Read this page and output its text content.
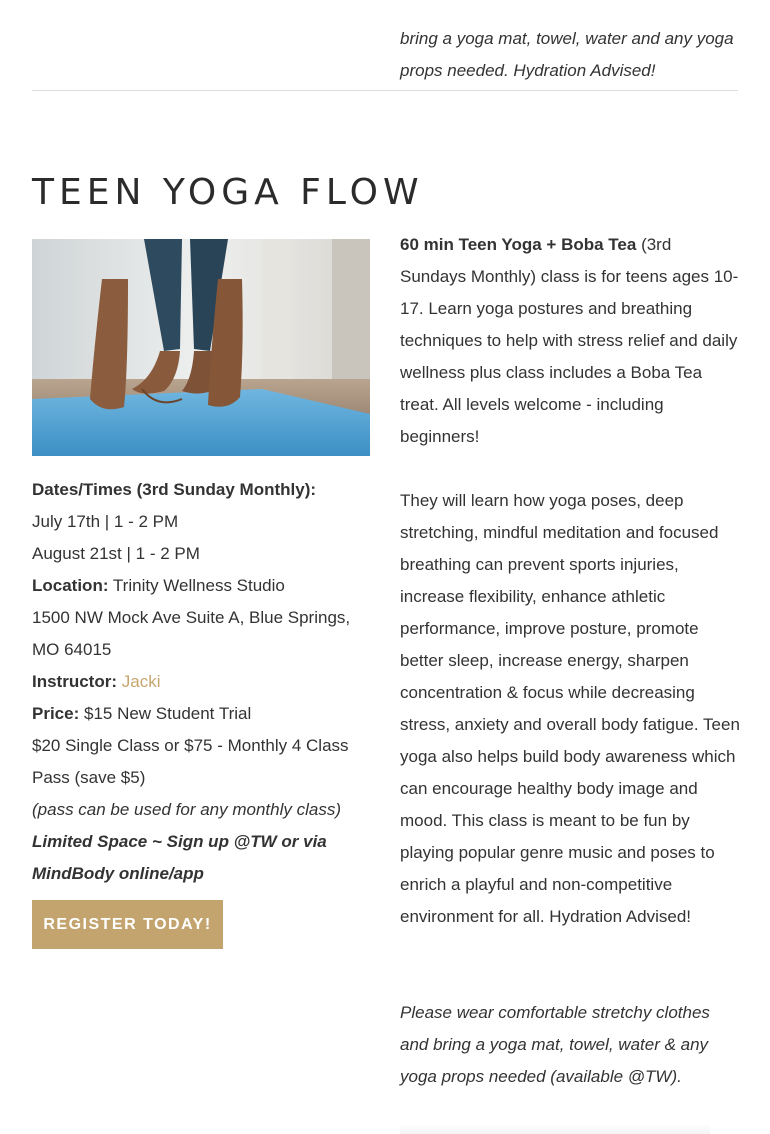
bring a yoga mat, towel, water and any yoga props needed. Hydration Advised!

TEEN YOGA FLOW

Dates/Times (3rd Sunday Monthly):

July 17th | 1 - 2 PM

August 21st | 1 - 2 PM

Location: Trinity Wellness Studio

1500 NW Mock Ave Suite A, Blue Springs, MO 64015

Instructor: Jacki

Price: $15 New Student Trial

$20 Single Class or $75 - Monthly 4 Class Pass (save $5)

(pass can be used for any monthly class)

Limited Space ~ Sign up @TW or via MindBody online/app

REGISTER TODAY!

60 min Teen Yoga + Boba Tea (3rd Sundays Monthly) class is for teens ages 10-17. Learn yoga postures and breathing techniques to help with stress relief and daily wellness plus class includes a Boba Tea treat. All levels welcome - including beginners!

They will learn how yoga poses, deep stretching, mindful meditation and focused breathing can prevent sports injuries, increase flexibility, enhance athletic performance, improve posture, promote better sleep, increase energy, sharpen concentration & focus while decreasing stress, anxiety and overall body fatigue. Teen yoga also helps build body awareness which can encourage healthy body image and mood. This class is meant to be fun by playing popular genre music and poses to enrich a playful and non-competitive environment for all. Hydration Advised!

Please wear comfortable stretchy clothes and bring a yoga mat, towel, water & any yoga props needed (available @TW).
